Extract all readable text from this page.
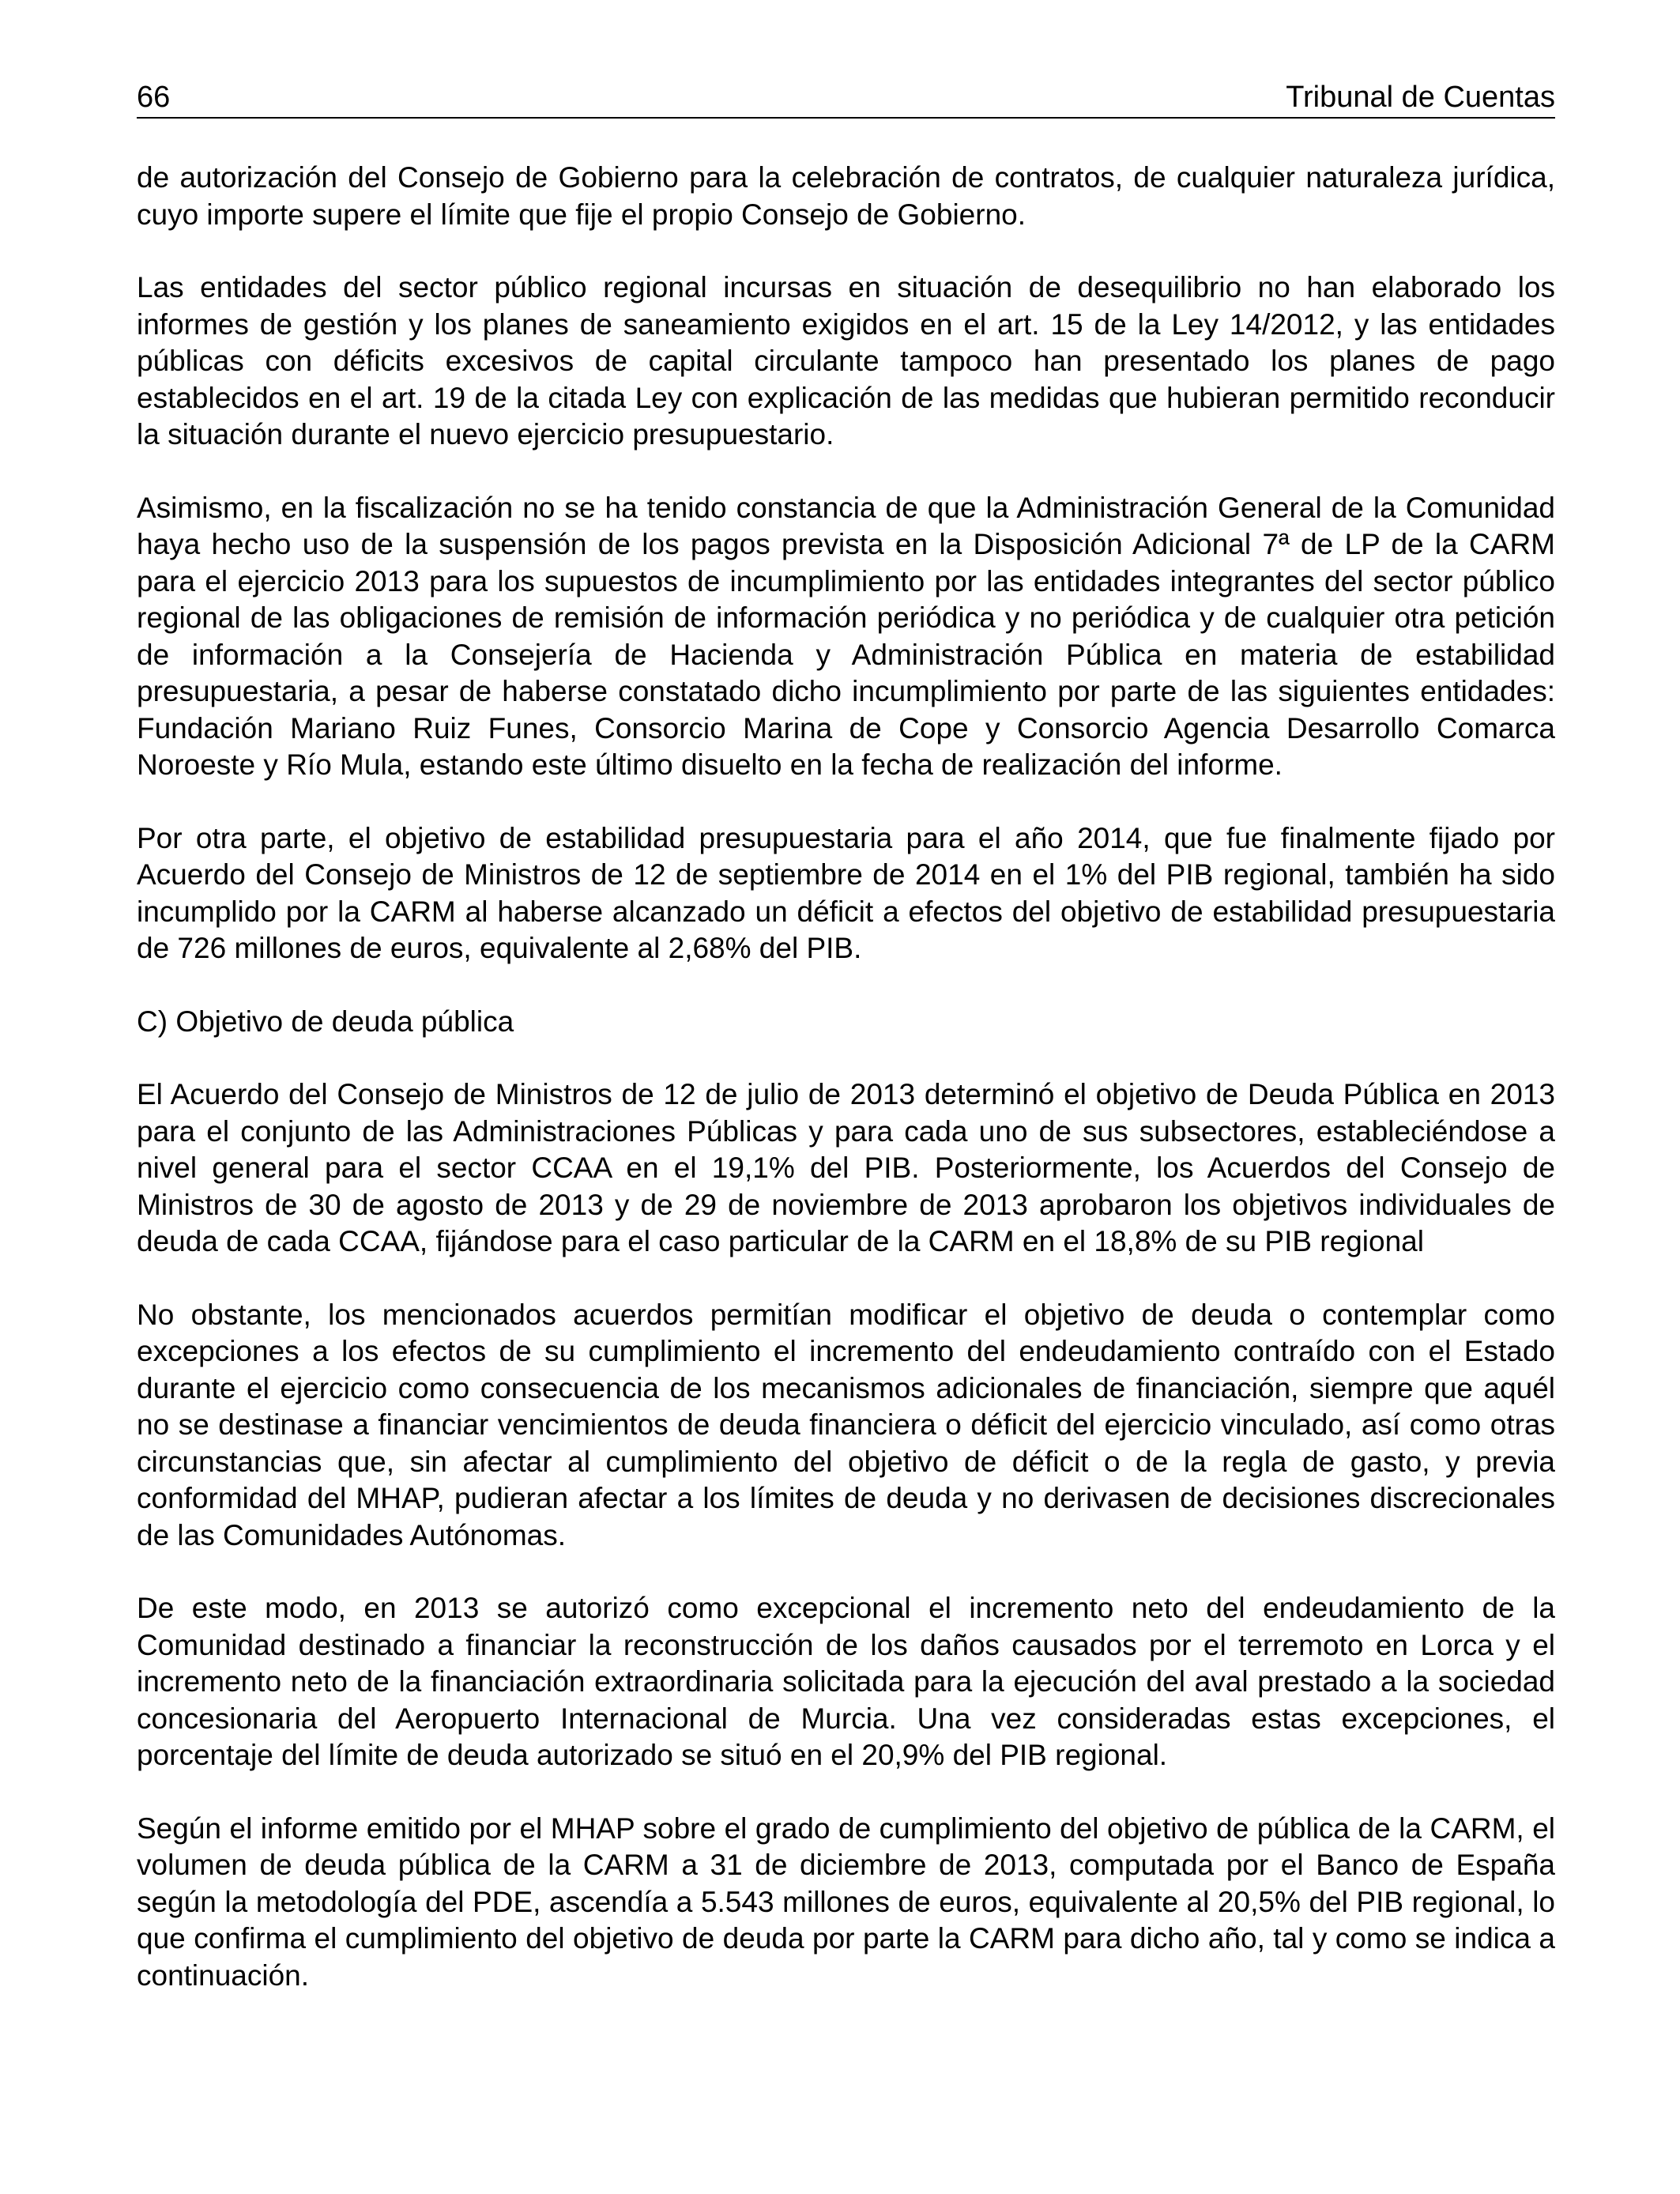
66	Tribunal de Cuentas

de autorización del Consejo de Gobierno para la celebración de contratos, de cualquier naturaleza jurídica, cuyo importe supere el límite que fije el propio Consejo de Gobierno.

Las entidades del sector público regional incursas en situación de desequilibrio no han elaborado los informes de gestión y los planes de saneamiento exigidos en el art. 15 de la Ley 14/2012, y las entidades públicas con déficits excesivos de capital circulante tampoco han presentado los planes de pago establecidos en el art. 19 de la citada Ley con explicación de las medidas que hubieran permitido reconducir la situación durante el nuevo ejercicio presupuestario.

Asimismo, en la fiscalización no se ha tenido constancia de que la Administración General de la Comunidad haya hecho uso de la suspensión de los pagos prevista en la Disposición Adicional 7ª de LP de la CARM para el ejercicio 2013 para los supuestos de incumplimiento por las entidades integrantes del sector público regional de las obligaciones de remisión de información periódica y no periódica y de cualquier otra petición de información a la Consejería de Hacienda y Administración Pública en materia de estabilidad presupuestaria, a pesar de haberse constatado dicho incumplimiento por parte de las siguientes entidades: Fundación Mariano Ruiz Funes, Consorcio Marina de Cope y Consorcio Agencia Desarrollo Comarca Noroeste y Río Mula, estando este último disuelto en la fecha de realización del informe.

Por otra parte, el objetivo de estabilidad presupuestaria para el año 2014, que fue finalmente fijado por Acuerdo del Consejo de Ministros de 12 de septiembre de 2014 en el 1% del PIB regional, también ha sido incumplido por la CARM al haberse alcanzado un déficit a efectos del objetivo de estabilidad presupuestaria de 726 millones de euros, equivalente al 2,68% del PIB.

C) Objetivo de deuda pública

El Acuerdo del Consejo de Ministros de 12 de julio de 2013 determinó el objetivo de Deuda Pública en 2013 para el conjunto de las Administraciones Públicas y para cada uno de sus subsectores, estableciéndose a nivel general para el sector CCAA en el 19,1% del PIB. Posteriormente, los Acuerdos del Consejo de Ministros de 30 de agosto de 2013 y de 29 de noviembre de 2013 aprobaron los objetivos individuales de deuda de cada CCAA, fijándose para el caso particular de la CARM en el 18,8% de su PIB regional

No obstante, los mencionados acuerdos permitían modificar el objetivo de deuda o contemplar como excepciones a los efectos de su cumplimiento el incremento del endeudamiento contraído con el Estado durante el ejercicio como consecuencia de los mecanismos adicionales de financiación, siempre que aquél no se destinase a financiar vencimientos de deuda financiera o déficit del ejercicio vinculado, así como otras circunstancias que, sin afectar al cumplimiento del objetivo de déficit o de la regla de gasto, y previa conformidad del MHAP, pudieran afectar a los límites de deuda y no derivasen de decisiones discrecionales de las Comunidades Autónomas.

De este modo, en 2013 se autorizó como excepcional el incremento neto del endeudamiento de la Comunidad destinado a financiar la reconstrucción de los daños causados por el terremoto en Lorca y el incremento neto de la financiación extraordinaria solicitada para la ejecución del aval prestado a la sociedad concesionaria del Aeropuerto Internacional de Murcia. Una vez consideradas estas excepciones, el porcentaje del límite de deuda autorizado se situó en el 20,9% del PIB regional.

Según el informe emitido por el MHAP sobre el grado de cumplimiento del objetivo de pública de la CARM, el volumen de deuda pública de la CARM a 31 de diciembre de 2013, computada por el Banco de España según la metodología del PDE, ascendía a 5.543 millones de euros, equivalente al 20,5% del PIB regional, lo que confirma el cumplimiento del objetivo de deuda por parte la CARM para dicho año, tal y como se indica a continuación.
